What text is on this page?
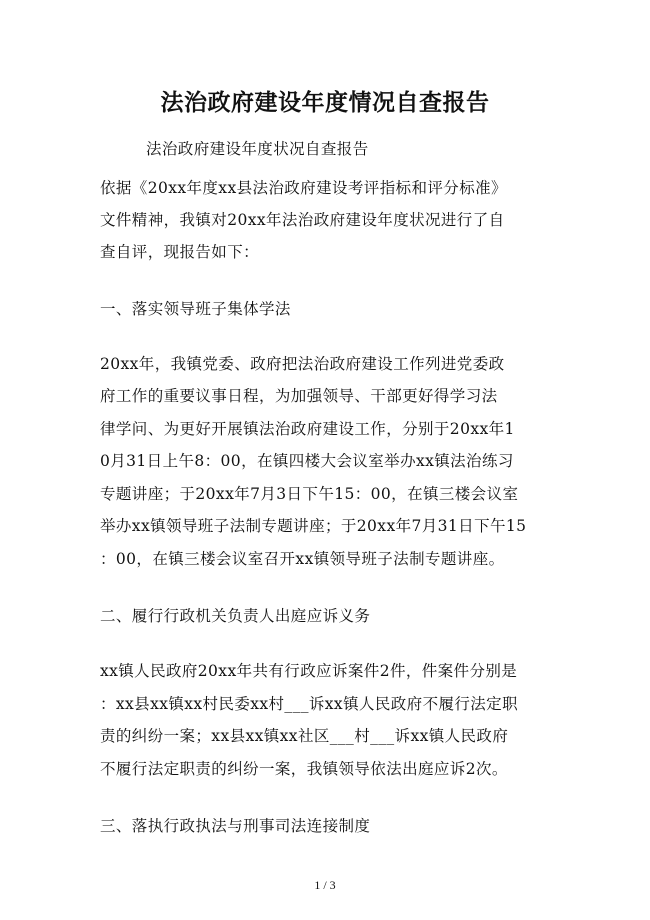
法治政府建设年度情况自查报告
法治政府建设年度状况自查报告
依据《20xx年度xx县法治政府建设考评指标和评分标准》
文件精神，我镇对20xx年法治政府建设年度状况进行了自
查自评，现报告如下：
一、落实领导班子集体学法
20xx年，我镇党委、政府把法治政府建设工作列进党委政
府工作的重要议事日程，为加强领导、干部更好得学习法
律学问、为更好开展镇法治政府建设工作，分别于20xx年1
0月31日上午8：00，在镇四楼大会议室举办xx镇法治练习
专题讲座；于20xx年7月3日下午15：00，在镇三楼会议室
举办xx镇领导班子法制专题讲座；于20xx年7月31日下午15
：00，在镇三楼会议室召开xx镇领导班子法制专题讲座。
二、履行行政机关负责人出庭应诉义务
xx镇人民政府20xx年共有行政应诉案件2件，件案件分别是
：xx县xx镇xx村民委xx村___诉xx镇人民政府不履行法定职
责的纠纷一案；xx县xx镇xx社区___村___诉xx镇人民政府
不履行法定职责的纠纷一案，我镇领导依法出庭应诉2次。
三、落执行政执法与刑事司法连接制度
1 / 3
